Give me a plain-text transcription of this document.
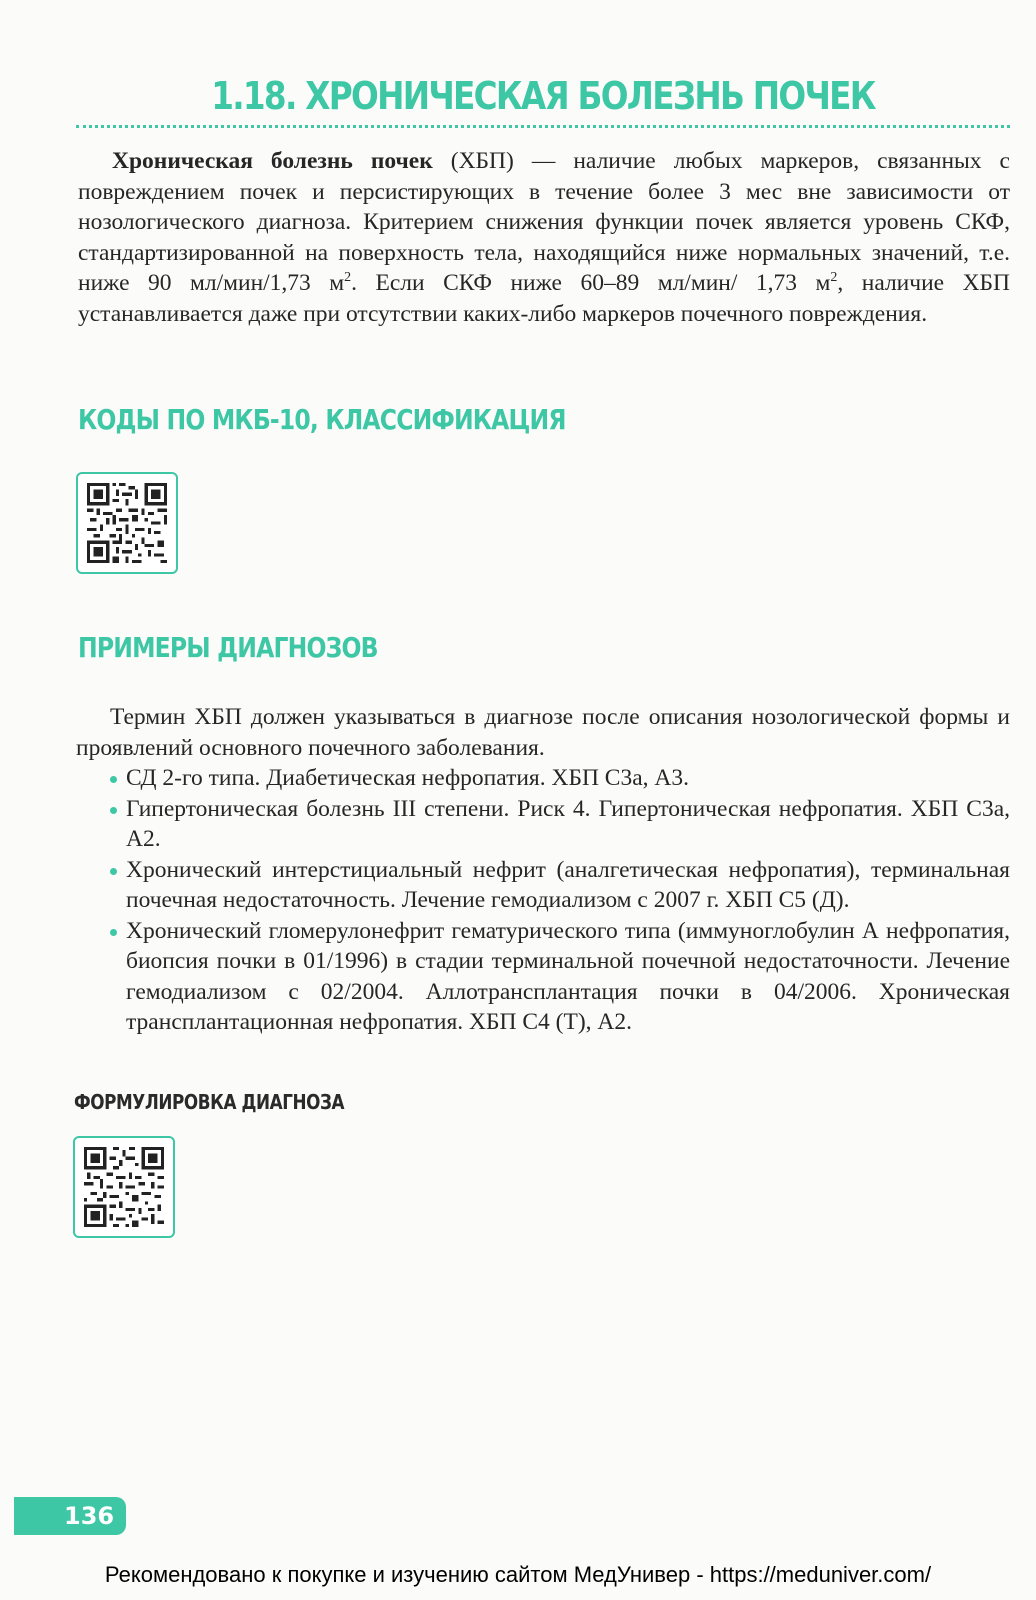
1.18. ХРОНИЧЕСКАЯ БОЛЕЗНЬ ПОЧЕК

Хроническая болезнь почек (ХБП) — наличие любых маркеров, связанных с повреждением почек и персистирующих в течение более 3 мес вне зависимости от нозологического диагноза. Критерием снижения функции почек является уровень СКФ, стандартизированной на поверхность тела, находящийся ниже нормальных значений, т.е. ниже 90 мл/мин/1,73 $м^2$. Если СКФ ниже 60–89 мл/мин/ 1,73 $м^2$, наличие ХБП устанавливается даже при отсутствии каких-либо маркеров почечного повреждения.

КОДЫ ПО МКБ-10, КЛАССИФИКАЦИЯ
ПРИМЕРЫ ДИАГНОЗОВ

Термин ХБП должен указываться в диагнозе после описания нозологической формы и проявлений основного почечного заболевания.

СД 2-го типа. Диабетическая нефропатия. ХБП С3а, А3.
Гипертоническая болезнь III степени. Риск 4. Гипертоническая нефропатия. ХБП С3а, А2.
Хронический интерстициальный нефрит (аналгетическая нефропатия), терминальная почечная недостаточность. Лечение гемодиализом с 2007 г. ХБП С5 (Д).
Хронический гломерулонефрит гематурического типа (иммуноглобулин А нефропатия, биопсия почки в 01/1996) в стадии терминальной почечной недостаточности. Лечение гемодиализом с 02/2004. Аллотрансплантация почки в 04/2006. Хроническая трансплантационная нефропатия. ХБП С4 (Т), А2.
ФОРМУЛИРОВКА ДИАГНОЗА
136
Рекомендовано к покупке и изучению сайтом МедУнивер - https://meduniver.com/
